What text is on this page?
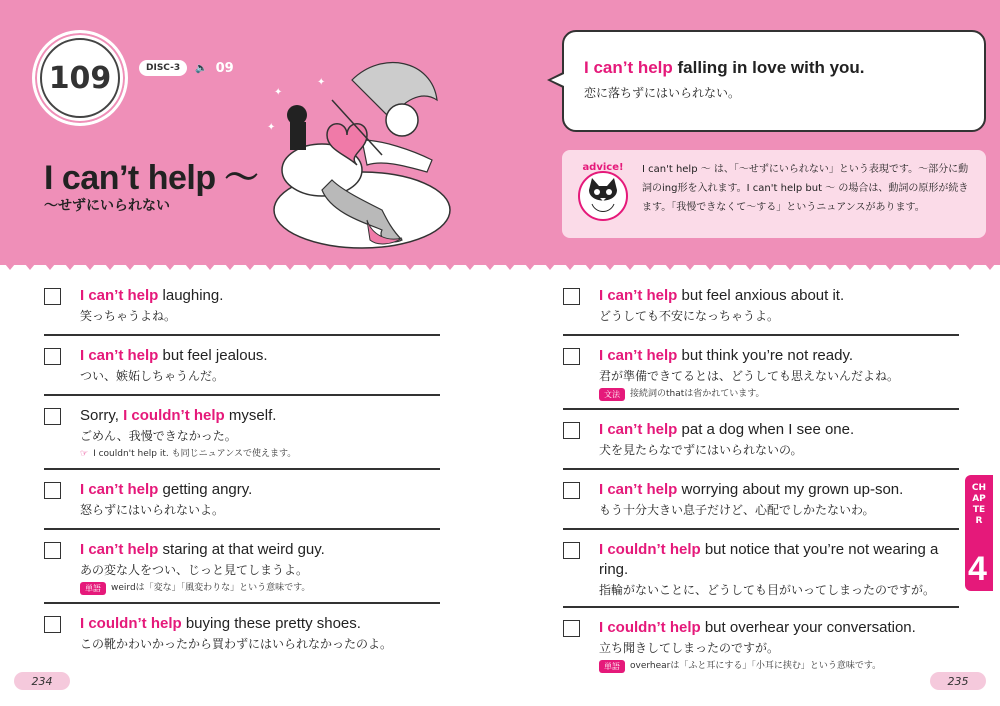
109	DISC-3	🔈 09
I can’t help ～
～せずにいられない
✦
✦
✦
I can’t help falling in love with you.
恋に落ちずにはいられない。
advice! I can't help ～ は、「～せずにいられない」という表現です。～部分に動詞のing形を入れます。I can't help but ～ の場合は、動詞の原形が続きます。「我慢できなくて～する」というニュアンスがあります。
I can’t help laughing.
笑っちゃうよね。
I can’t help but feel jealous.
つい、嫉妬しちゃうんだ。
Sorry, I couldn’t help myself.
ごめん、我慢できなかった。
☞ I couldn't help it. も同じニュアンスで使えます。
I can’t help getting angry.
怒らずにはいられないよ。
I can’t help staring at that weird guy.
あの変な人をつい、じっと見てしまうよ。
単語	weirdは「変な」「風変わりな」という意味です。
I couldn’t help buying these pretty shoes.
この靴かわいかったから買わずにはいられなかったのよ。
I can’t help but feel anxious about it.
どうしても不安になっちゃうよ。
I can’t help but think you’re not ready.
君が準備できてるとは、どうしても思えないんだよね。
文法	接続詞のthatは省かれています。
I can’t help pat a dog when I see one.
犬を見たらなでずにはいられないの。
I can’t help worrying about my grown up-son.
もう十分大きい息子だけど、心配でしかたないわ。
I couldn’t help but notice that you’re not wearing a ring.
指輪がないことに、どうしても目がいってしまったのですが。
I couldn’t help but overhear your conversation.
立ち聞きしてしまったのですが。
単語	overhearは「ふと耳にする」「小耳に挟む」という意味です。
234	235
CHAPTER
4
